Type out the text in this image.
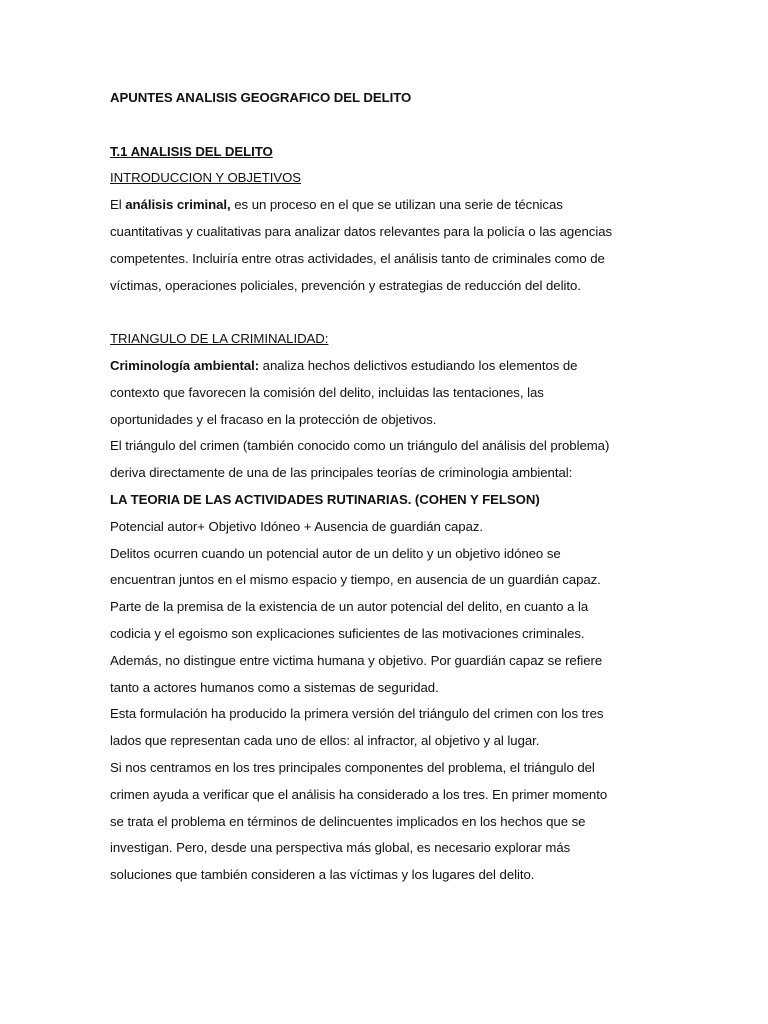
APUNTES ANALISIS GEOGRAFICO DEL DELITO
T.1 ANALISIS DEL DELITO
INTRODUCCION Y OBJETIVOS
El análisis criminal, es un proceso en el que se utilizan una serie de técnicas
cuantitativas y cualitativas para analizar datos relevantes para la policía o las agencias
competentes. Incluiría entre otras actividades, el análisis tanto de criminales como de
víctimas, operaciones policiales, prevención y estrategias de reducción del delito.
TRIANGULO DE LA CRIMINALIDAD:
Criminología ambiental: analiza hechos delictivos estudiando los elementos de
contexto que favorecen la comisión del delito, incluidas las tentaciones, las
oportunidades y el fracaso en la protección de objetivos.
El triángulo del crimen (también conocido como un triángulo del análisis del problema)
deriva directamente de una de las principales teorías de criminologia ambiental:
LA TEORIA DE LAS ACTIVIDADES RUTINARIAS. (COHEN Y FELSON)
Potencial autor+ Objetivo Idóneo + Ausencia de guardián capaz.
Delitos ocurren cuando un potencial autor de un delito y un objetivo idóneo se
encuentran juntos en el mismo espacio y tiempo, en ausencia de un guardián capaz.
Parte de la premisa de la existencia de un autor potencial del delito, en cuanto a la
codicia y el egoismo son explicaciones suficientes de las motivaciones criminales.
Además, no distingue entre victima humana y objetivo. Por guardián capaz se refiere
tanto a actores humanos como a sistemas de seguridad.
Esta formulación ha producido la primera versión del triángulo del crimen con los tres
lados que representan cada uno de ellos: al infractor, al objetivo y al lugar.
Si nos centramos en los tres principales componentes del problema, el triángulo del
crimen ayuda a verificar que el análisis ha considerado a los tres. En primer momento
se trata el problema en términos de delincuentes implicados en los hechos que se
investigan. Pero, desde una perspectiva más global, es necesario explorar más
soluciones que también consideren a las víctimas y los lugares del delito.
